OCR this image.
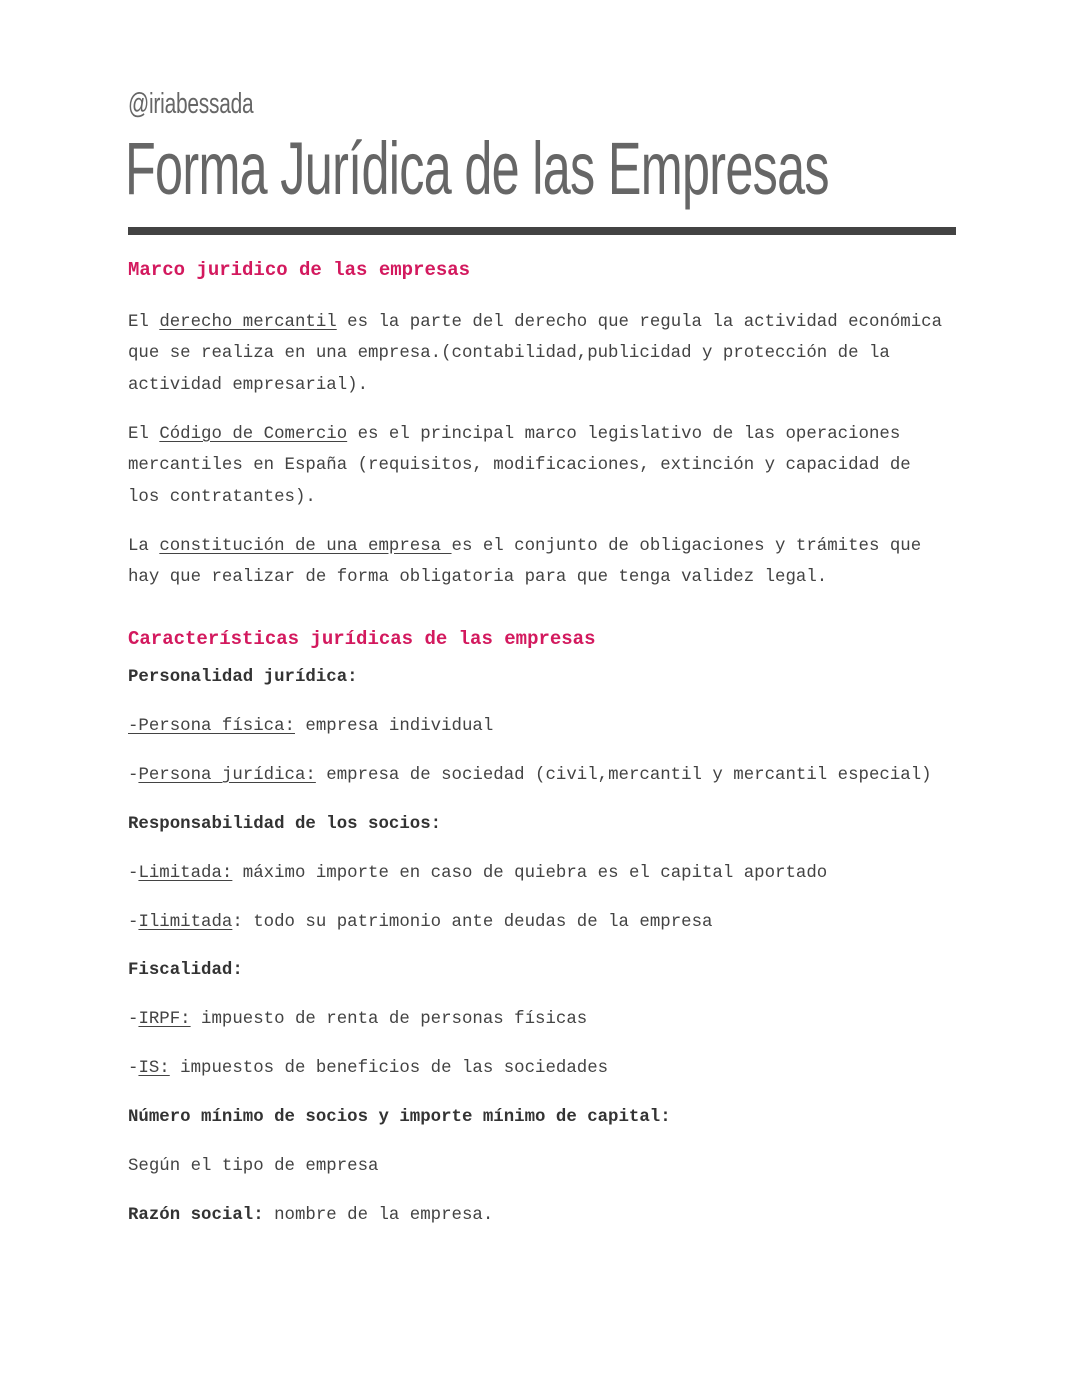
@iriabessada
Forma Jurídica de las Empresas
Marco juridico de las empresas
El derecho mercantil es la parte del derecho que regula la actividad económica
que se realiza en una empresa.(contabilidad,publicidad y protección de la
actividad empresarial).
El Código de Comercio es el principal marco legislativo de las operaciones
mercantiles en España (requisitos, modificaciones, extinción y capacidad de
los contratantes).
La constitución de una empresa es el conjunto de obligaciones y trámites que
hay que realizar de forma obligatoria para que tenga validez legal.
Características jurídicas de las empresas
Personalidad jurídica:
-Persona física: empresa individual
-Persona jurídica: empresa de sociedad (civil,mercantil y mercantil especial)
Responsabilidad de los socios:
-Limitada: máximo importe en caso de quiebra es el capital aportado
-Ilimitada: todo su patrimonio ante deudas de la empresa
Fiscalidad:
-IRPF: impuesto de renta de personas físicas
-IS: impuestos de beneficios de las sociedades
Número mínimo de socios y importe mínimo de capital:
Según el tipo de empresa
Razón social: nombre de la empresa.
